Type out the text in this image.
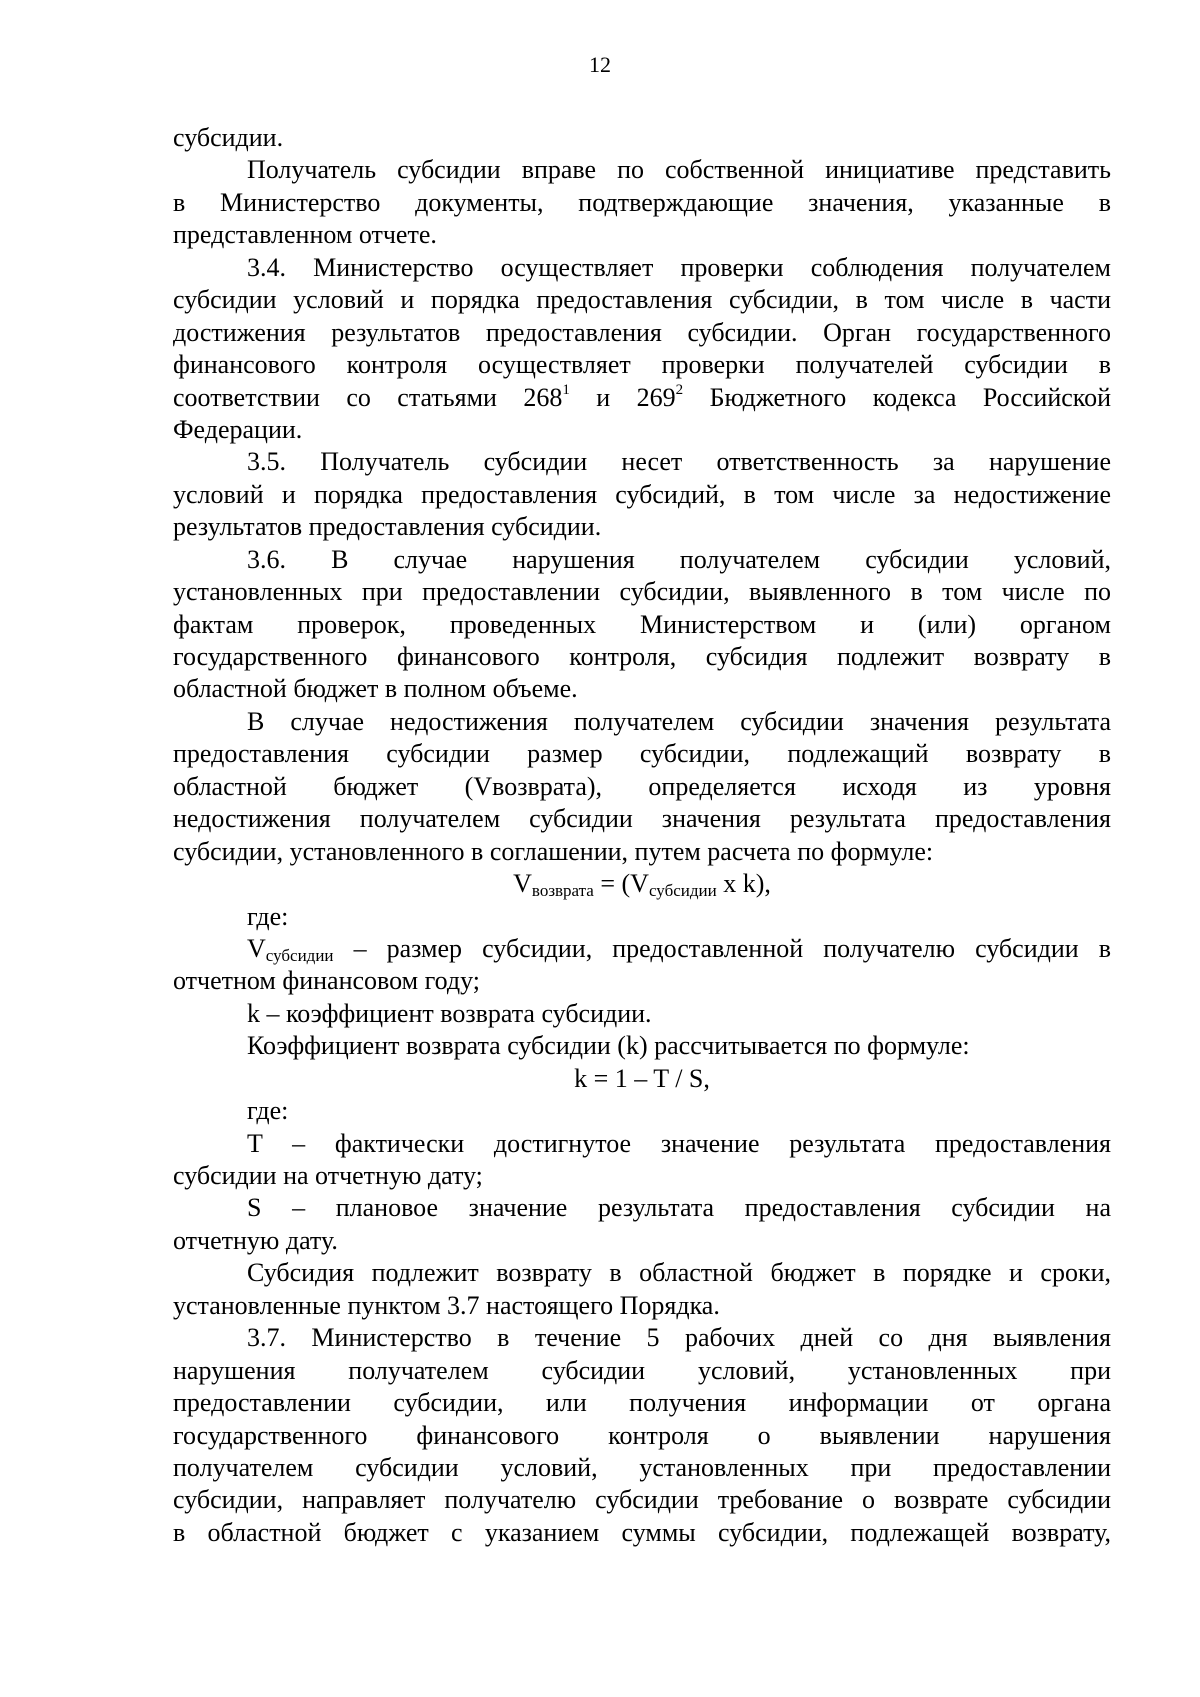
12
субсидии.
Получатель субсидии вправе по собственной инициативе представить
в Министерство документы, подтверждающие значения, указанные в
представленном отчете.
3.4. Министерство осуществляет проверки соблюдения получателем
субсидии условий и порядка предоставления субсидии, в том числе в части
достижения результатов предоставления субсидии. Орган государственного
финансового контроля осуществляет проверки получателей субсидии в
соответствии со статьями $268^1$ и $269^2$ Бюджетного кодекса Российской
Федерации.
3.5. Получатель субсидии несет ответственность за нарушение
условий и порядка предоставления субсидий, в том числе за недостижение
результатов предоставления субсидии.
3.6. В случае нарушения получателем субсидии условий,
установленных при предоставлении субсидии, выявленного в том числе по
фактам проверок, проведенных Министерством и (или) органом
государственного финансового контроля, субсидия подлежит возврату в
областной бюджет в полном объеме.
В случае недостижения получателем субсидии значения результата
предоставления субсидии размер субсидии, подлежащий возврату в
областной бюджет (Vвозврата), определяется исходя из уровня
недостижения получателем субсидии значения результата предоставления
субсидии, установленного в соглашении, путем расчета по формуле:
$V_{возврата} = (V_{субсидии}$ x k),
где:
$V_{субсидии}$ – размер субсидии, предоставленной получателю субсидии в
отчетном финансовом году;
k – коэффициент возврата субсидии.
Коэффициент возврата субсидии (k) рассчитывается по формуле:
k = 1 – T / S,
где:
T – фактически достигнутое значение результата предоставления
субсидии на отчетную дату;
S – плановое значение результата предоставления субсидии на
отчетную дату.
Субсидия подлежит возврату в областной бюджет в порядке и сроки,
установленные пунктом 3.7 настоящего Порядка.
3.7. Министерство в течение 5 рабочих дней со дня выявления
нарушения получателем субсидии условий, установленных при
предоставлении субсидии, или получения информации от органа
государственного финансового контроля о выявлении нарушения
получателем субсидии условий, установленных при предоставлении
субсидии, направляет получателю субсидии требование о возврате субсидии
в областной бюджет с указанием суммы субсидии, подлежащей возврату,
